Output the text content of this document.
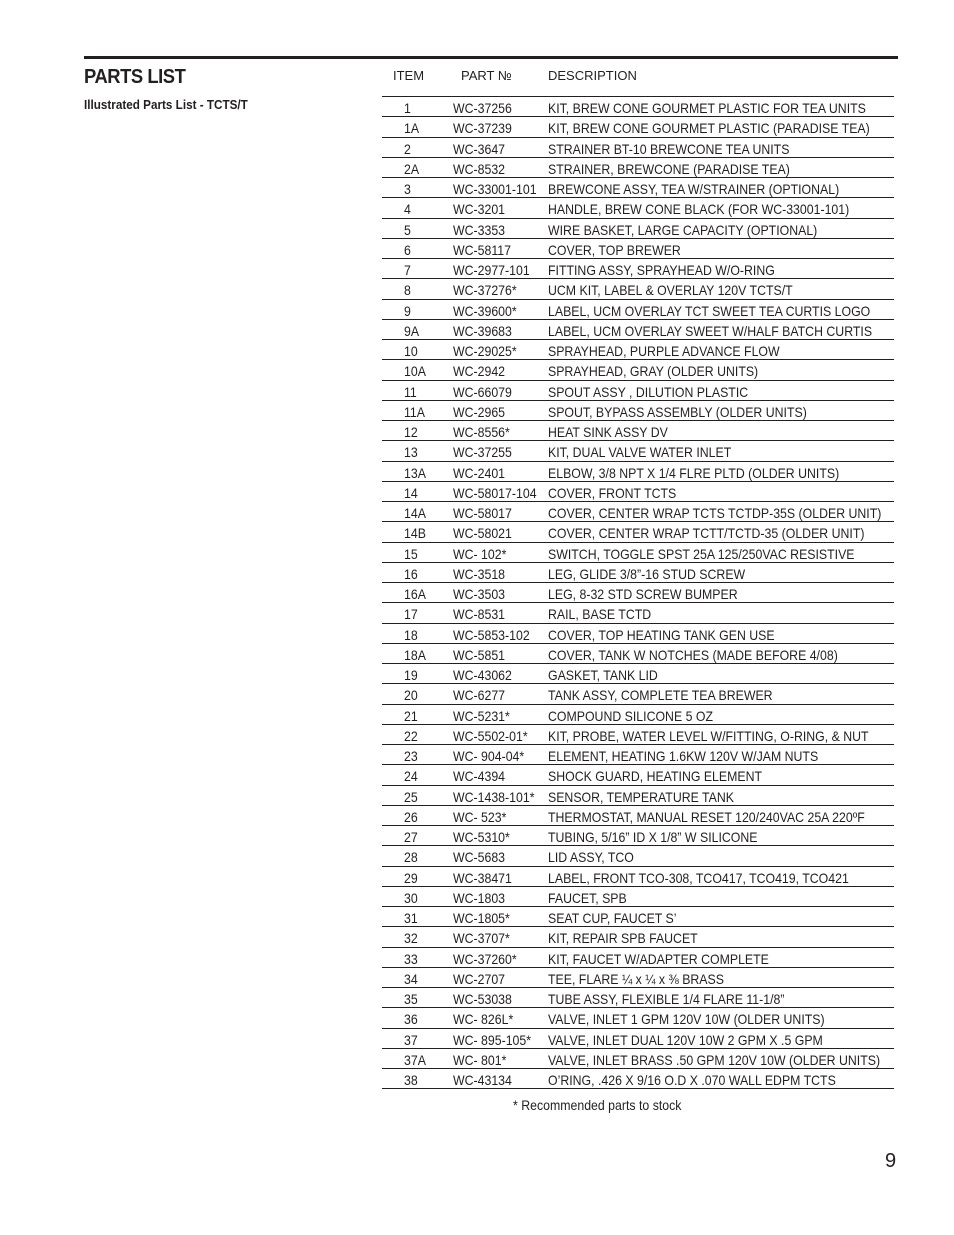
PARTS LIST
Illustrated Parts List - TCTS/T
ITEM	PART №	DESCRIPTION
1	WC-37256	KIT, BREW CONE GOURMET PLASTIC FOR TEA UNITS
1A WC-37239	KIT, BREW CONE GOURMET PLASTIC (PARADISE TEA)
2	WC-3647	STRAINER BT-10 BREWCONE TEA UNITS
2A WC-8532	STRAINER, BREWCONE (PARADISE TEA)
3	WC-33001-101 BREWCONE ASSY, TEA W/STRAINER (OPTIONAL)
4	WC-3201	HANDLE, BREW CONE BLACK (FOR WC-33001-101)
5	WC-3353	WIRE BASKET, LARGE CAPACITY (OPTIONAL)
6	WC-58117	COVER, TOP BREWER
7	WC-2977-101 FITTING ASSY, SPRAYHEAD W/O-RING
8	WC-37276* UCM KIT, LABEL & OVERLAY 120V TCTS/T
9	WC-39600* LABEL, UCM OVERLAY TCT SWEET TEA CURTIS LOGO
9A WC-39683	LABEL, UCM OVERLAY SWEET W/HALF BATCH CURTIS
10	WC-29025* SPRAYHEAD, PURPLE ADVANCE FLOW
10A WC-2942	SPRAYHEAD, GRAY (OLDER UNITS)
11	WC-66079	SPOUT ASSY , DILUTION PLASTIC
11A WC-2965	SPOUT, BYPASS ASSEMBLY (OLDER UNITS)
12	WC-8556*	HEAT SINK ASSY DV
13	WC-37255	KIT, DUAL VALVE WATER INLET
13A WC-2401	ELBOW, 3/8 NPT X 1/4 FLRE PLTD (OLDER UNITS)
14	WC-58017-104 COVER, FRONT TCTS
14A WC-58017	COVER, CENTER WRAP TCTS TCTDP-35S (OLDER UNIT)
14B WC-58021	COVER, CENTER WRAP TCTT/TCTD-35 (OLDER UNIT)
15	WC- 102*	SWITCH, TOGGLE SPST 25A 125/250VAC RESISTIVE
16	WC-3518	LEG, GLIDE 3/8”-16 STUD SCREW
16A WC-3503	LEG, 8-32 STD SCREW BUMPER
17	WC-8531	RAIL, BASE TCTD
18	WC-5853-102 COVER, TOP HEATING TANK GEN USE
18A WC-5851	COVER, TANK W NOTCHES (MADE BEFORE 4/08)
19	WC-43062	GASKET, TANK LID
20	WC-6277	TANK ASSY, COMPLETE TEA BREWER
21	WC-5231*	COMPOUND SILICONE 5 OZ
22	WC-5502-01* KIT, PROBE, WATER LEVEL W/FITTING, O-RING, & NUT
23	WC- 904-04* ELEMENT, HEATING 1.6KW 120V W/JAM NUTS
24	WC-4394	SHOCK GUARD, HEATING ELEMENT
25	WC-1438-101* SENSOR, TEMPERATURE TANK
26	WC- 523*	THERMOSTAT, MANUAL RESET 120/240VAC 25A 220ºF
27	WC-5310*	TUBING, 5/16” ID X 1/8” W SILICONE
28	WC-5683	LID ASSY, TCO
29	WC-38471	LABEL, FRONT TCO-308, TCO417, TCO419, TCO421
30	WC-1803	FAUCET, SPB
31	WC-1805*	SEAT CUP, FAUCET S’
32	WC-3707*	KIT, REPAIR SPB FAUCET
33	WC-37260* KIT, FAUCET W/ADAPTER COMPLETE
34	WC-2707	TEE, FLARE ¼ x ¼ x ⅜ BRASS
35	WC-53038	TUBE ASSY, FLEXIBLE 1/4 FLARE 11-1/8”
36	WC- 826L* VALVE, INLET 1 GPM 120V 10W (OLDER UNITS)
37	WC- 895-105* VALVE, INLET DUAL 120V 10W 2 GPM X .5 GPM
37A WC- 801*	VALVE, INLET BRASS .50 GPM 120V 10W (OLDER UNITS)
38	WC-43134	O’RING, .426 X 9/16 O.D X .070 WALL EDPM TCTS
* Recommended parts to stock
9
